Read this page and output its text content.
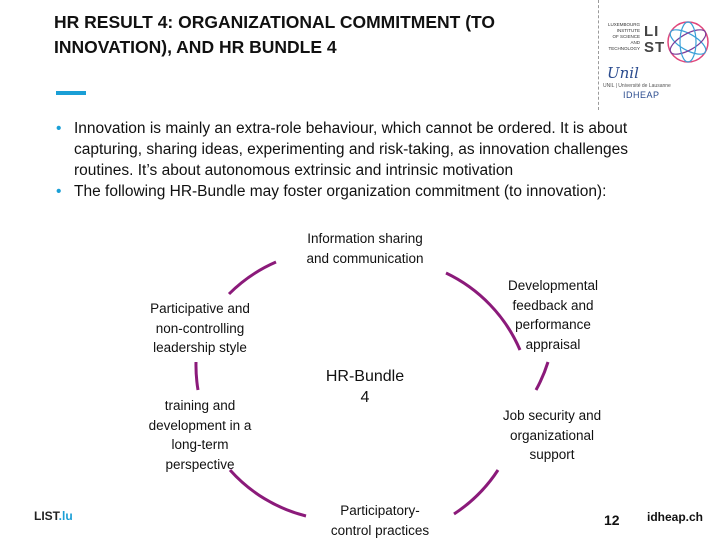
HR RESULT 4: ORGANIZATIONAL COMMITMENT (TO
INNOVATION), AND HR BUNDLE 4
LUXEMBOURG
INSTITUTE
OF SCIENCE
AND TECHNOLOGY
LI ST
Unil
UNIL | Université de Lausanne
IDHEAP
• Innovation is mainly an extra-role behaviour, which cannot be ordered. It is about capturing, sharing ideas, experimenting and risk-taking, as innovation challenges routines. It’s about autonomous extrinsic and intrinsic motivation
• The following HR-Bundle may foster organization commitment (to innovation):
Information sharing
and communication
Developmental
feedback and
performance
appraisal
Job security and
organizational
support
Participatory-
control practices
training and
development in a
long-term
perspective
Participative and
non-controlling
leadership style
HR-Bundle
4
LIST.lu	12 idheap.ch
